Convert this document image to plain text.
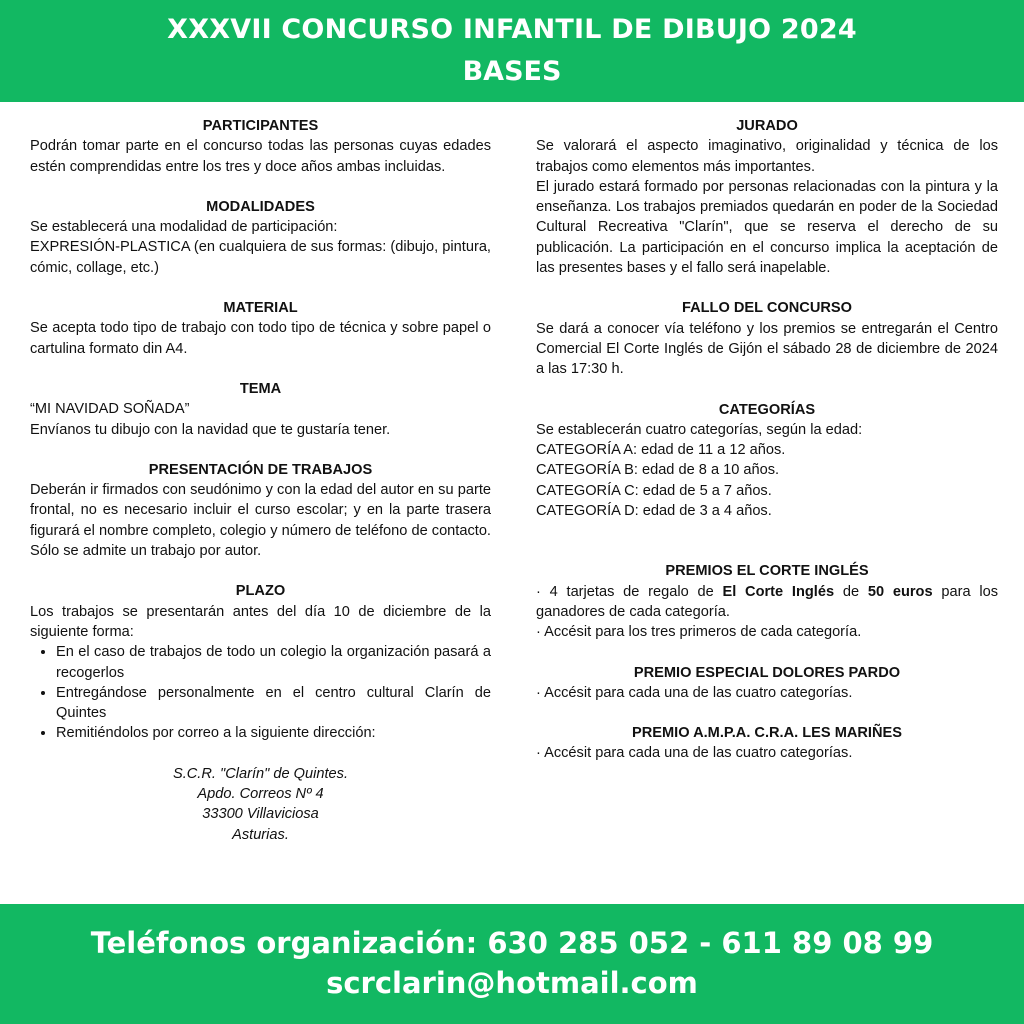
XXXVII CONCURSO INFANTIL DE DIBUJO 2024
BASES
PARTICIPANTES
Podrán tomar parte en el concurso todas las personas cuyas edades estén comprendidas entre los tres y doce años ambas incluidas.
MODALIDADES
Se establecerá una modalidad de participación:
EXPRESIÓN-PLASTICA (en cualquiera de sus formas: (dibujo, pintura, cómic, collage, etc.)
MATERIAL
Se acepta todo tipo de trabajo con todo tipo de técnica y sobre papel o cartulina formato din A4.
TEMA
“MI NAVIDAD SOÑADA”
Envíanos tu dibujo con la navidad que te gustaría tener.
PRESENTACIÓN DE TRABAJOS
Deberán ir firmados con seudónimo y con la edad del autor en su parte frontal, no es necesario incluir el curso escolar; y en la parte trasera figurará el nombre completo, colegio y número de teléfono de contacto. Sólo se admite un trabajo por autor.
PLAZO
Los trabajos se presentarán antes del día 10 de diciembre de la siguiente forma:
• En el caso de trabajos de todo un colegio la organización pasará a recogerlos
• Entregándose personalmente en el centro cultural Clarín de Quintes
• Remitiéndolos por correo a la siguiente dirección:
S.C.R. "Clarín" de Quintes.
Apdo. Correos Nº 4
33300 Villaviciosa
Asturias.
JURADO
Se valorará el aspecto imaginativo, originalidad y técnica de los trabajos como elementos más importantes.
El jurado estará formado por personas relacionadas con la pintura y la enseñanza. Los trabajos premiados quedarán en poder de la Sociedad Cultural Recreativa "Clarín", que se reserva el derecho de su publicación. La participación en el concurso implica la aceptación de las presentes bases y el fallo será inapelable.
FALLO DEL CONCURSO
Se dará a conocer vía teléfono y los premios se entregarán el Centro Comercial El Corte Inglés de Gijón el sábado 28 de diciembre de 2024 a las 17:30 h.
CATEGORÍAS
Se establecerán cuatro categorías, según la edad:
CATEGORÍA A: edad de 11 a 12 años.
CATEGORÍA B: edad de 8 a 10 años.
CATEGORÍA C: edad de 5 a 7 años.
CATEGORÍA D: edad de 3 a 4 años.
PREMIOS EL CORTE INGLÉS
· 4 tarjetas de regalo de El Corte Inglés de 50 euros para los ganadores de cada categoría.
· Accésit para los tres primeros de cada categoría.
PREMIO ESPECIAL DOLORES PARDO
· Accésit para cada una de las cuatro categorías.
PREMIO A.M.P.A. C.R.A. LES MARIÑES
· Accésit para cada una de las cuatro categorías.
Teléfonos organización: 630 285 052 - 611 89 08 99
scrclarin@hotmail.com
